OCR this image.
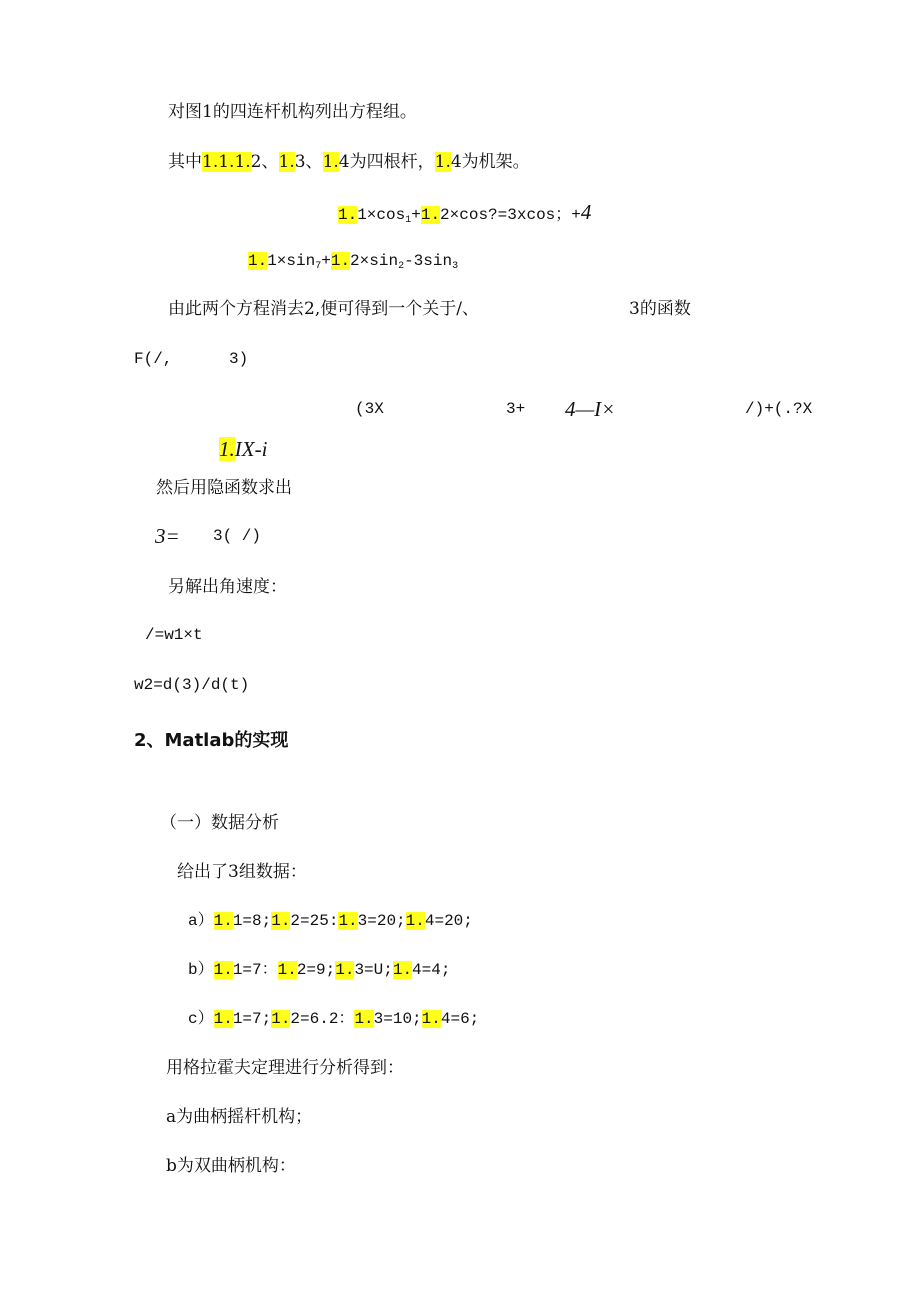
对图1的四连杆机构列出方程组。
其中1.1.1.2、1.3、1.4为四根杆，1.4为机架。
$1.1\times\cos_1+1.2\times\cos?=3xcos$；+4
$1.1\times\sin_7+1.2\times\sin_2-3\sin_3$
由此两个方程消去2,便可得到一个关于/、	3的函数
F(/,	3)
(3X	3+ 4—I×	/)+(.?X
1.IX-i
然后用隐函数求出
3= 3( /)
另解出角速度：
/=w1×t
w2=d(3)/d(t)
2、Matlab的实现
（一）数据分析
给出了3组数据：
a）1.1=8;1.2=25:1.3=20;1.4=20;
b）1.1=7：1.2=9;1.3=U;1.4=4;
c）1.1=7;1.2=6.2：1.3=10;1.4=6;
用格拉霍夫定理进行分析得到：
a为曲柄摇杆机构；
b为双曲柄机构：
